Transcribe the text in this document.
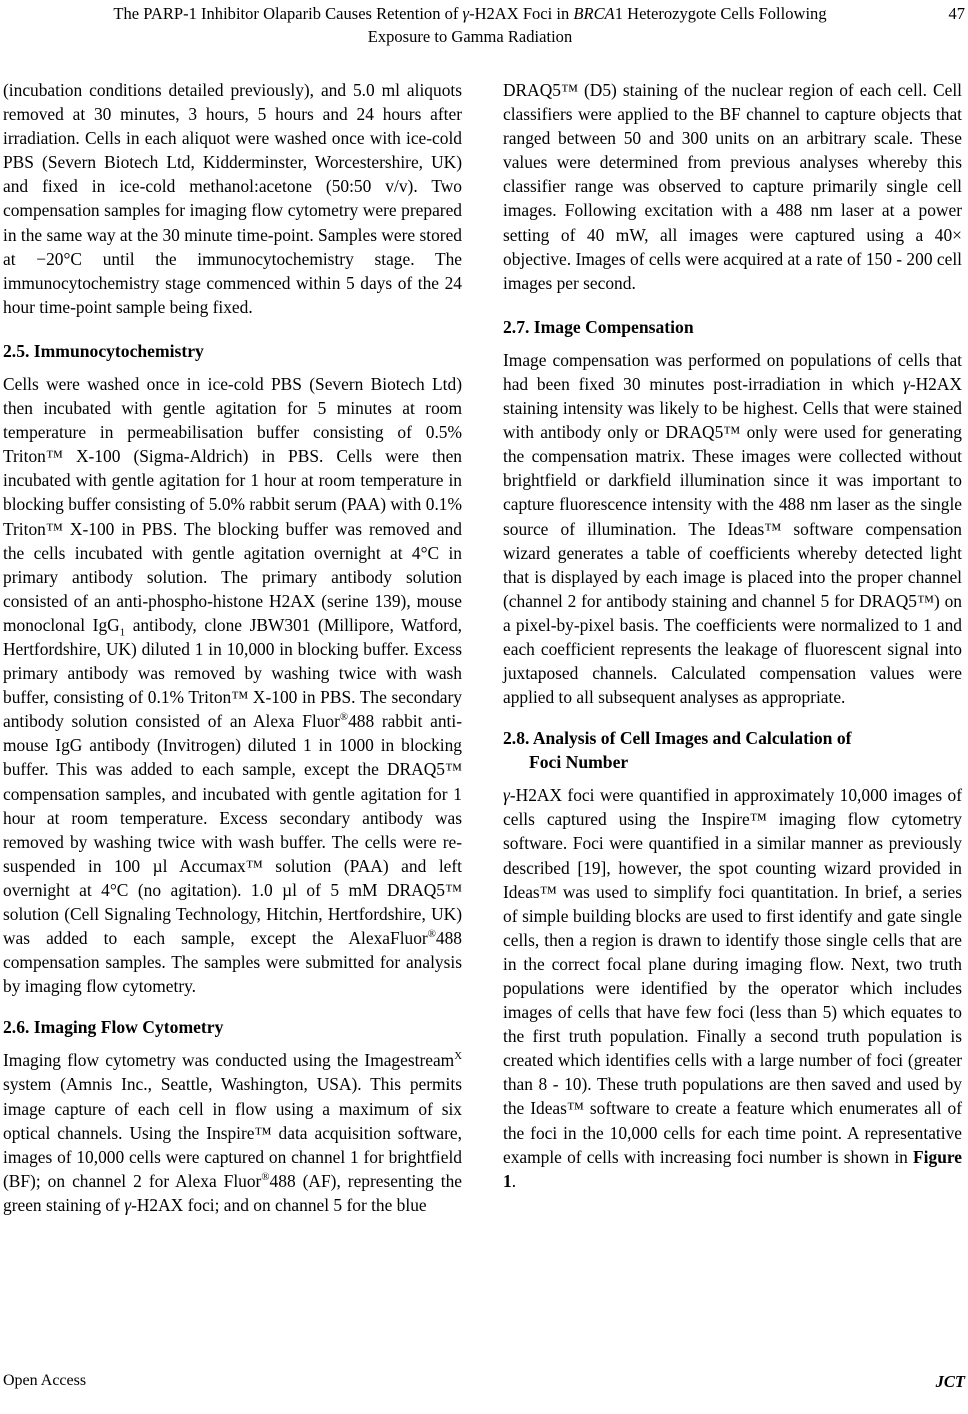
The PARP-1 Inhibitor Olaparib Causes Retention of γ-H2AX Foci in BRCA1 Heterozygote Cells Following
Exposure to Gamma Radiation
47

(incubation conditions detailed previously), and 5.0 ml aliquots removed at 30 minutes, 3 hours, 5 hours and 24 hours after irradiation. Cells in each aliquot were washed once with ice-cold PBS (Severn Biotech Ltd, Kidderminster, Worcestershire, UK) and fixed in ice-cold methanol:acetone (50:50 v/v). Two compensation samples for imaging flow cytometry were prepared in the same way at the 30 minute time-point. Samples were stored at −20°C until the immunocytochemistry stage. The immunocytochemistry stage commenced within 5 days of the 24 hour time-point sample being fixed.

2.5. Immunocytochemistry

Cells were washed once in ice-cold PBS (Severn Biotech Ltd) then incubated with gentle agitation for 5 minutes at room temperature in permeabilisation buffer consisting of 0.5% Triton™ X-100 (Sigma-Aldrich) in PBS. Cells were then incubated with gentle agitation for 1 hour at room temperature in blocking buffer consisting of 5.0% rabbit serum (PAA) with 0.1% Triton™ X-100 in PBS. The blocking buffer was removed and the cells incubated with gentle agitation overnight at 4°C in primary antibody solution. The primary antibody solution consisted of an anti-phospho-histone H2AX (serine 139), mouse monoclonal IgG$_1$ antibody, clone JBW301 (Millipore, Watford, Hertfordshire, UK) diluted 1 in 10,000 in blocking buffer. Excess primary antibody was removed by washing twice with wash buffer, consisting of 0.1% Triton™ X-100 in PBS. The secondary antibody solution consisted of an Alexa Fluor®488 rabbit anti-mouse IgG antibody (Invitrogen) diluted 1 in 1000 in blocking buffer. This was added to each sample, except the DRAQ5™ compensation samples, and incubated with gentle agitation for 1 hour at room temperature. Excess secondary antibody was removed by washing twice with wash buffer. The cells were re-suspended in 100 µl Accumax™ solution (PAA) and left overnight at 4°C (no agitation). 1.0 µl of 5 mM DRAQ5™ solution (Cell Signaling Technology, Hitchin, Hertfordshire, UK) was added to each sample, except the AlexaFluor®488 compensation samples. The samples were submitted for analysis by imaging flow cytometry.

2.6. Imaging Flow Cytometry

Imaging flow cytometry was conducted using the Imagestream$^X$ system (Amnis Inc., Seattle, Washington, USA). This permits image capture of each cell in flow using a maximum of six optical channels. Using the Inspire™ data acquisition software, images of 10,000 cells were captured on channel 1 for brightfield (BF); on channel 2 for Alexa Fluor®488 (AF), representing the green staining of γ-H2AX foci; and on channel 5 for the blue

DRAQ5™ (D5) staining of the nuclear region of each cell. Cell classifiers were applied to the BF channel to capture objects that ranged between 50 and 300 units on an arbitrary scale. These values were determined from previous analyses whereby this classifier range was observed to capture primarily single cell images. Following excitation with a 488 nm laser at a power setting of 40 mW, all images were captured using a 40× objective. Images of cells were acquired at a rate of 150 - 200 cell images per second.

2.7. Image Compensation

Image compensation was performed on populations of cells that had been fixed 30 minutes post-irradiation in which γ-H2AX staining intensity was likely to be highest. Cells that were stained with antibody only or DRAQ5™ only were used for generating the compensation matrix. These images were collected without brightfield or darkfield illumination since it was important to capture fluorescence intensity with the 488 nm laser as the single source of illumination. The Ideas™ software compensation wizard generates a table of coefficients whereby detected light that is displayed by each image is placed into the proper channel (channel 2 for antibody staining and channel 5 for DRAQ5™) on a pixel-by-pixel basis. The coefficients were normalized to 1 and each coefficient represents the leakage of fluorescent signal into juxtaposed channels. Calculated compensation values were applied to all subsequent analyses as appropriate.

2.8. Analysis of Cell Images and Calculation of
Foci Number

γ-H2AX foci were quantified in approximately 10,000 images of cells captured using the Inspire™ imaging flow cytometry software. Foci were quantified in a similar manner as previously described [19], however, the spot counting wizard provided in Ideas™ was used to simplify foci quantitation. In brief, a series of simple building blocks are used to first identify and gate single cells, then a region is drawn to identify those single cells that are in the correct focal plane during imaging flow. Next, two truth populations were identified by the operator which includes images of cells that have few foci (less than 5) which equates to the first truth population. Finally a second truth population is created which identifies cells with a large number of foci (greater than 8 - 10). These truth populations are then saved and used by the Ideas™ software to create a feature which enumerates all of the foci in the 10,000 cells for each time point. A representative example of cells with increasing foci number is shown in Figure 1.

Open Access	JCT
